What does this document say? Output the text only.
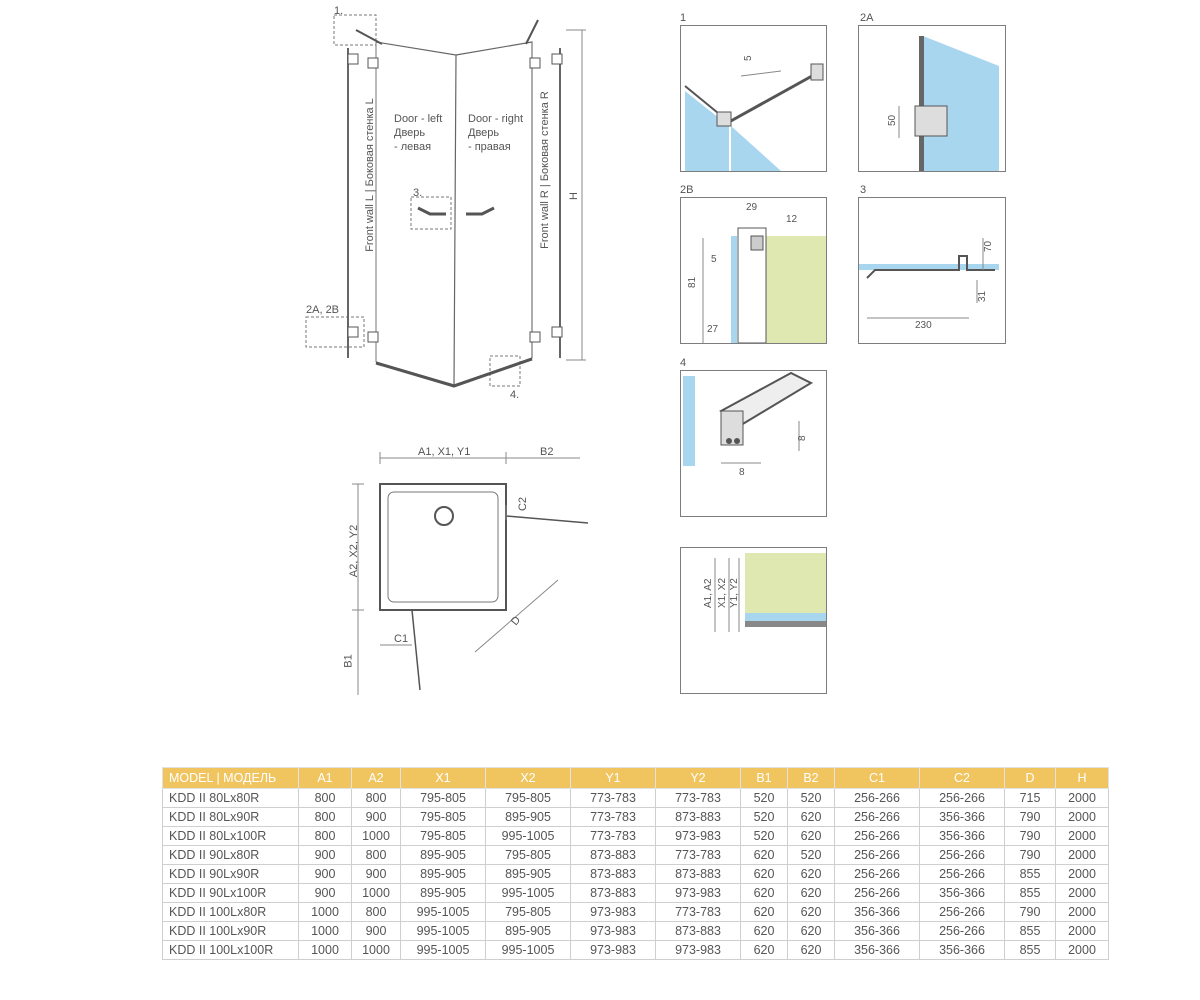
1.
3.
2A, 2B
4.
Door - left
Дверь
- левая
Door - right
Дверь
- правая
Front wall L | Боковая стенка L	Front wall R | Боковая стенка R H
A1, X1, Y1	B2
A2, X2, Y2
B1
C1
C2
D
1
5
2A
50
2B
29
12
5
81
27
3
70
31
230
4
8
8
A1, A2 X1, X2 Y1, Y2
MODEL | МОДЕЛЬ	A1	A2	X1	X2	Y1	Y2	B1	B2	C1	C2	D	H
KDD II 80Lx80R	800	800	795-805	795-805	773-783	773-783	520	520	256-266	256-266	715	2000
KDD II 80Lx90R	800	900	795-805	895-905	773-783	873-883	520	620	256-266	356-366	790	2000
KDD II 80Lx100R	800	1000	795-805	995-1005	773-783	973-983	520	620	256-266	356-366	790	2000
KDD II 90Lx80R	900	800	895-905	795-805	873-883	773-783	620	520	256-266	256-266	790	2000
KDD II 90Lx90R	900	900	895-905	895-905	873-883	873-883	620	620	256-266	256-266	855	2000
KDD II 90Lx100R	900	1000	895-905	995-1005	873-883	973-983	620	620	256-266	356-366	855	2000
KDD II 100Lx80R	1000	800	995-1005	795-805	973-983	773-783	620	620	356-366	256-266	790	2000
KDD II 100Lx90R	1000	900	995-1005	895-905	973-983	873-883	620	620	356-366	256-266	855	2000
KDD II 100Lx100R	1000	1000	995-1005	995-1005	973-983	973-983	620	620	356-366	356-366	855	2000
